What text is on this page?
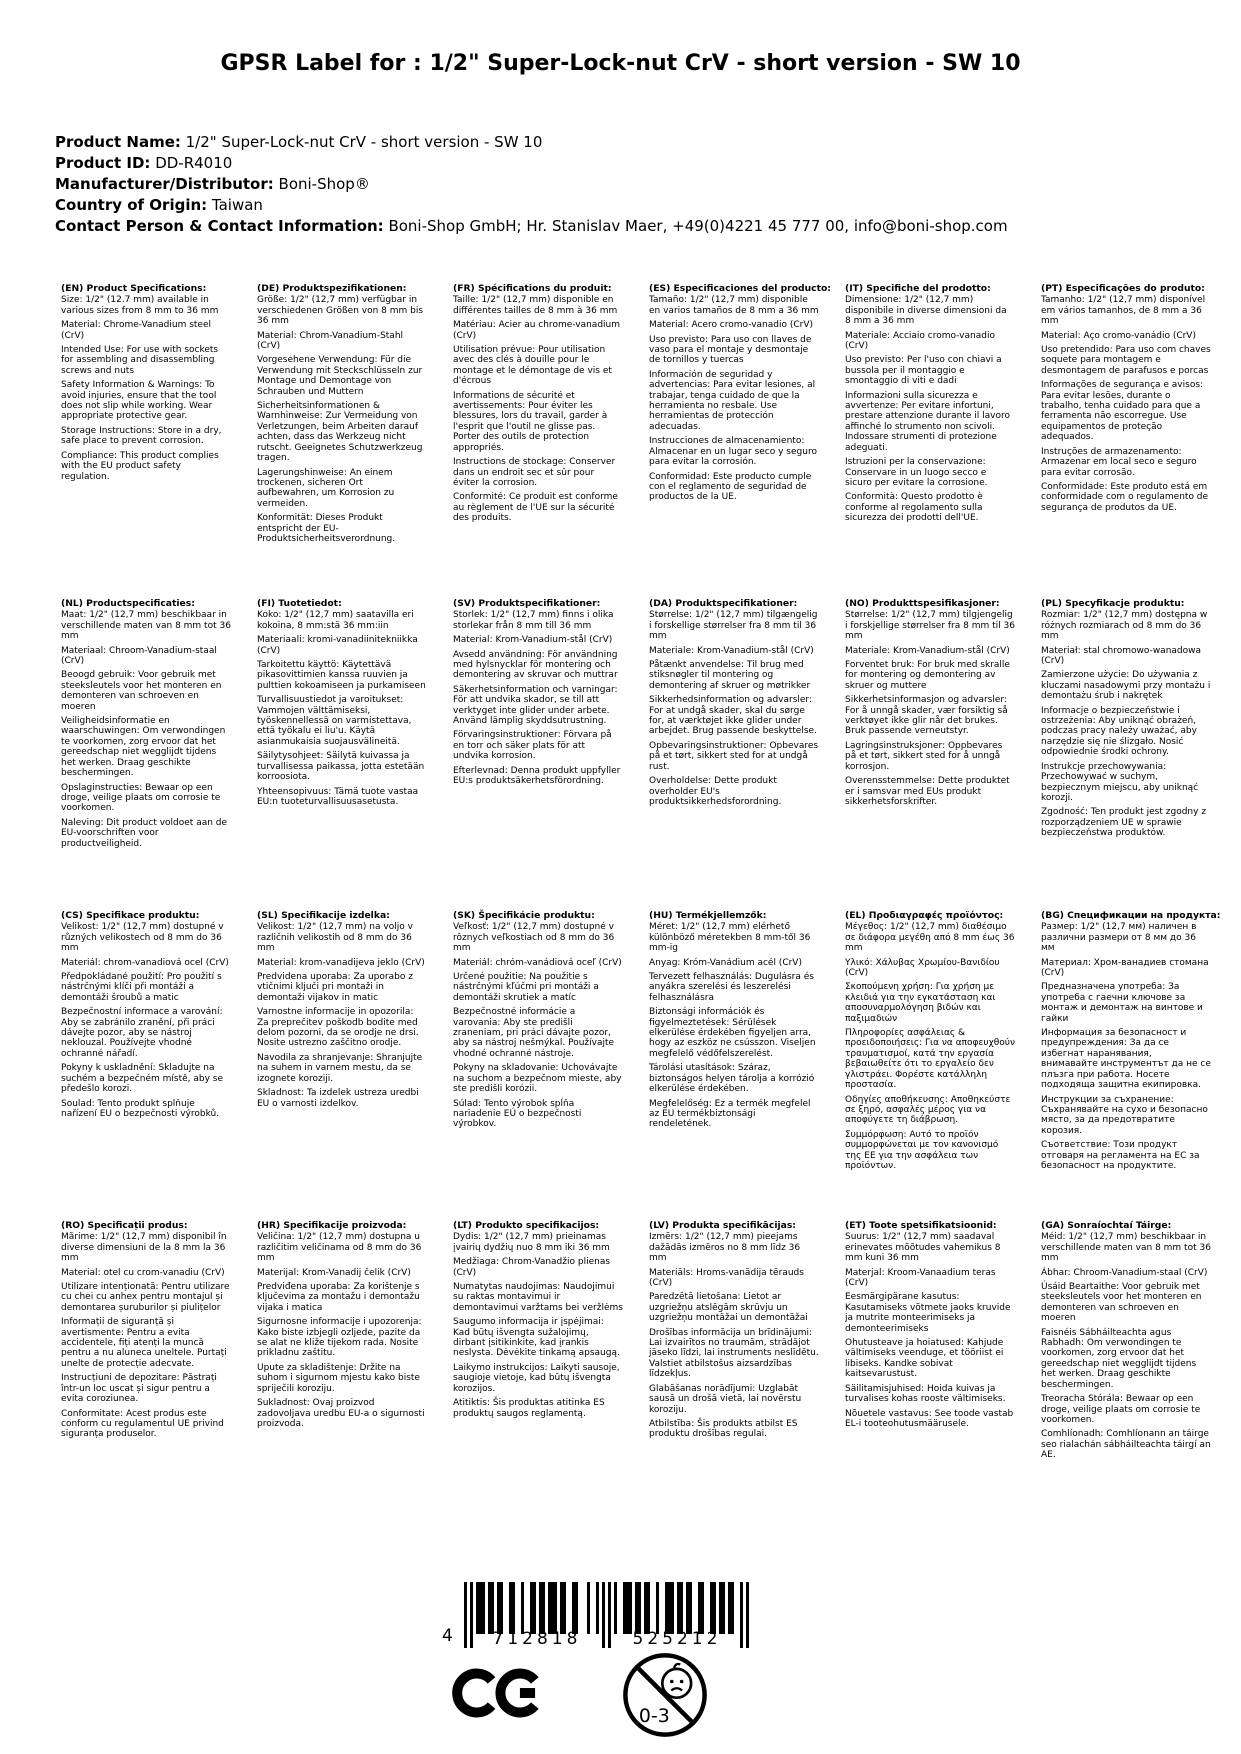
GPSR Label for : 1/2" Super-Lock-nut CrV - short version - SW 10
Product Name: 1/2" Super-Lock-nut CrV - short version - SW 10
Product ID: DD-R4010
Manufacturer/Distributor: Boni-Shop®
Country of Origin: Taiwan
Contact Person & Contact Information: Boni-Shop GmbH; Hr. Stanislav Maer, +49(0)4221 45 777 00, info@boni-shop.com
(EN) Product Specifications:

Size: 1/2" (12.7 mm) available in various sizes from 8 mm to 36 mm

Material: Chrome-Vanadium steel (CrV)

Intended Use: For use with sockets for assembling and disassembling screws and nuts

Safety Information & Warnings: To avoid injuries, ensure that the tool does not slip while working. Wear appropriate protective gear.

Storage Instructions: Store in a dry, safe place to prevent corrosion.

Compliance: This product complies with the EU product safety regulation.

(DE) Produktspezifikationen:

Größe: 1/2" (12,7 mm) verfügbar in verschiedenen Größen von 8 mm bis 36 mm

Material: Chrom-Vanadium-Stahl (CrV)

Vorgesehene Verwendung: Für die Verwendung mit Steckschlüsseln zur Montage und Demontage von Schrauben und Muttern

Sicherheitsinformationen & Warnhinweise: Zur Vermeidung von Verletzungen, beim Arbeiten darauf achten, dass das Werkzeug nicht rutscht. Geeignetes Schutzwerkzeug tragen.

Lagerungshinweise: An einem trockenen, sicheren Ort aufbewahren, um Korrosion zu vermeiden.

Konformität: Dieses Produkt entspricht der EU-Produktsicherheitsverordnung.

(FR) Spécifications du produit:

Taille: 1/2" (12,7 mm) disponible en différentes tailles de 8 mm à 36 mm

Matériau: Acier au chrome-vanadium (CrV)

Utilisation prévue: Pour utilisation avec des clés à douille pour le montage et le démontage de vis et d'écrous

Informations de sécurité et avertissements: Pour éviter les blessures, lors du travail, garder à l'esprit que l'outil ne glisse pas. Porter des outils de protection appropriés.

Instructions de stockage: Conserver dans un endroit sec et sûr pour éviter la corrosion.

Conformité: Ce produit est conforme au règlement de l'UE sur la sécurité des produits.

(ES) Especificaciones del producto:

Tamaño: 1/2" (12,7 mm) disponible en varios tamaños de 8 mm a 36 mm

Material: Acero cromo-vanadio (CrV)

Uso previsto: Para uso con llaves de vaso para el montaje y desmontaje de tornillos y tuercas

Información de seguridad y advertencias: Para evitar lesiones, al trabajar, tenga cuidado de que la herramienta no resbale. Use herramientas de protección adecuadas.

Instrucciones de almacenamiento: Almacenar en un lugar seco y seguro para evitar la corrosión.

Conformidad: Este producto cumple con el reglamento de seguridad de productos de la UE.

(IT) Specifiche del prodotto:

Dimensione: 1/2" (12,7 mm) disponibile in diverse dimensioni da 8 mm a 36 mm

Materiale: Acciaio cromo-vanadio (CrV)

Uso previsto: Per l'uso con chiavi a bussola per il montaggio e smontaggio di viti e dadi

Informazioni sulla sicurezza e avvertenze: Per evitare infortuni, prestare attenzione durante il lavoro affinché lo strumento non scivoli. Indossare strumenti di protezione adeguati.

Istruzioni per la conservazione: Conservare in un luogo secco e sicuro per evitare la corrosione.

Conformità: Questo prodotto è conforme al regolamento sulla sicurezza dei prodotti dell'UE.

(PT) Especificações do produto:

Tamanho: 1/2" (12,7 mm) disponível em vários tamanhos, de 8 mm a 36 mm

Material: Aço cromo-vanádio (CrV)

Uso pretendido: Para uso com chaves soquete para montagem e desmontagem de parafusos e porcas

Informações de segurança e avisos: Para evitar lesões, durante o trabalho, tenha cuidado para que a ferramenta não escorregue. Use equipamentos de proteção adequados.

Instruções de armazenamento: Armazenar em local seco e seguro para evitar corrosão.

Conformidade: Este produto está em conformidade com o regulamento de segurança de produtos da UE.

(NL) Productspecificaties:

Maat: 1/2" (12,7 mm) beschikbaar in verschillende maten van 8 mm tot 36 mm

Materiaal: Chroom-Vanadium-staal (CrV)

Beoogd gebruik: Voor gebruik met steeksleutels voor het monteren en demonteren van schroeven en moeren

Veiligheidsinformatie en waarschuwingen: Om verwondingen te voorkomen, zorg ervoor dat het gereedschap niet wegglijdt tijdens het werken. Draag geschikte beschermingen.

Opslaginstructies: Bewaar op een droge, veilige plaats om corrosie te voorkomen.

Naleving: Dit product voldoet aan de EU-voorschriften voor productveiligheid.

(FI) Tuotetiedot:

Koko: 1/2" (12,7 mm) saatavilla eri kokoina, 8 mm:stä 36 mm:iin

Materiaali: kromi-vanadiinitekniikka (CrV)

Tarkoitettu käyttö: Käytettävä pikasovittimien kanssa ruuvien ja pulttien kokoamiseen ja purkamiseen

Turvallisuustiedot ja varoitukset: Vammojen välttämiseksi, työskennellessä on varmistettava, että työkalu ei liu'u. Käytä asianmukaisia suojausvälineitä.

Säilytysohjeet: Säilytä kuivassa ja turvallisessa paikassa, jotta estetään korroosiota.

Yhteensopivuus: Tämä tuote vastaa EU:n tuoteturvallisuusasetusta.

(SV) Produktspecifikationer:

Storlek: 1/2" (12,7 mm) finns i olika storlekar från 8 mm till 36 mm

Material: Krom-Vanadium-stål (CrV)

Avsedd användning: För användning med hylsnycklar för montering och demontering av skruvar och muttrar

Säkerhetsinformation och varningar: För att undvika skador, se till att verktyget inte glider under arbete. Använd lämplig skyddsutrustning.

Förvaringsinstruktioner: Förvara på en torr och säker plats för att undvika korrosion.

Efterlevnad: Denna produkt uppfyller EU:s produktsäkerhetsförordning.

(DA) Produktspecifikationer:

Størrelse: 1/2" (12,7 mm) tilgængelig i forskellige størrelser fra 8 mm til 36 mm

Materiale: Krom-Vanadium-stål (CrV)

Påtænkt anvendelse: Til brug med stiksnøgler til montering og demontering af skruer og møtrikker

Sikkerhedsinformation og advarsler: For at undgå skader, skal du sørge for, at værktøjet ikke glider under arbejdet. Brug passende beskyttelse.

Opbevaringsinstruktioner: Opbevares på et tørt, sikkert sted for at undgå rust.

Overholdelse: Dette produkt overholder EU's produktsikkerhedsforordning.

(NO) Produkttspesifikasjoner:

Størrelse: 1/2" (12,7 mm) tilgjengelig i forskjellige størrelser fra 8 mm til 36 mm

Materiale: Krom-Vanadium-stål (CrV)

Forventet bruk: For bruk med skralle for montering og demontering av skruer og muttere

Sikkerhetsinformasjon og advarsler: For å unngå skader, vær forsiktig så verktøyet ikke glir når det brukes. Bruk passende verneutstyr.

Lagringsinstruksjoner: Oppbevares på et tørt, sikkert sted for å unngå korrosjon.

Overensstemmelse: Dette produktet er i samsvar med EUs produkt sikkerhetsforskrifter.

(PL) Specyfikacje produktu:

Rozmiar: 1/2" (12,7 mm) dostępna w różnych rozmiarach od 8 mm do 36 mm

Materiał: stal chromowo-wanadowa (CrV)

Zamierzone użycie: Do używania z kluczami nasadowymi przy montażu i demontażu śrub i nakrętek

Informacje o bezpieczeństwie i ostrzeżenia: Aby uniknąć obrażeń, podczas pracy należy uważać, aby narzędzie się nie ślizgało. Nosić odpowiednie środki ochrony.

Instrukcje przechowywania: Przechowywać w suchym, bezpiecznym miejscu, aby uniknąć korozji.

Zgodność: Ten produkt jest zgodny z rozporządzeniem UE w sprawie bezpieczeństwa produktów.

(CS) Specifikace produktu:

Velikost: 1/2" (12,7 mm) dostupné v různých velikostech od 8 mm do 36 mm

Materiál: chrom-vanadiová ocel (CrV)

Předpokládané použití: Pro použití s nástrčnými klíči při montáži a demontáži šroubů a matic

Bezpečnostní informace a varování: Aby se zabránilo zranění, při práci dávejte pozor, aby se nástroj neklouzal. Používejte vhodné ochranné nářadí.

Pokyny k uskladnění: Skladujte na suchém a bezpečném místě, aby se předešlo korozi.

Soulad: Tento produkt splňuje nařízení EU o bezpečnosti výrobků.

(SL) Specifikacije izdelka:

Velikost: 1/2" (12,7 mm) na voljo v različnih velikostih od 8 mm do 36 mm

Material: krom-vanadijeva jeklo (CrV)

Predvidena uporaba: Za uporabo z vtičnimi ključi pri montaži in demontaži vijakov in matic

Varnostne informacije in opozorila: Za preprečitev poškodb bodite med delom pozorni, da se orodje ne drsi. Nosite ustrezno zaščitno orodje.

Navodila za shranjevanje: Shranjujte na suhem in varnem mestu, da se izognete koroziji.

Skladnost: Ta izdelek ustreza uredbi EU o varnosti izdelkov.

(SK) Špecifikácie produktu:

Veľkosť: 1/2" (12,7 mm) dostupné v rôznych veľkostiach od 8 mm do 36 mm

Materiál: chróm-vanádiová oceľ (CrV)

Určené použitie: Na použitie s nástrčnými kľúčmi pri montáži a demontáži skrutiek a matíc

Bezpečnostné informácie a varovania: Aby ste predišli zraneniam, pri práci dávajte pozor, aby sa nástroj nešmýkal. Používajte vhodné ochranné nástroje.

Pokyny na skladovanie: Uchovávajte na suchom a bezpečnom mieste, aby ste predišli korózii.

Súlad: Tento výrobok spĺňa nariadenie EÚ o bezpečnosti výrobkov.

(HU) Termékjellemzők:

Méret: 1/2" (12,7 mm) elérhető különböző méretekben 8 mm-től 36 mm-ig

Anyag: Króm-Vanádium acél (CrV)

Tervezett felhasználás: Dugulásra és anyákra szerelési és leszerelési felhasználásra

Biztonsági információk és figyelmeztetések: Sérülések elkerülése érdekében figyeljen arra, hogy az eszköz ne csússzon. Viseljen megfelelő védőfelszerelést.

Tárolási utasítások: Száraz, biztonságos helyen tárolja a korrózió elkerülése érdekében.

Megfelelőség: Ez a termék megfelel az EU termékbiztonsági rendeletének.

(EL) Προδιαγραφές προϊόντος:

Μέγεθος: 1/2" (12,7 mm) διαθέσιμο σε διάφορα μεγέθη από 8 mm έως 36 mm

Υλικό: Χάλυβας Χρωμίου-Βανιδίου (CrV)

Σκοπούμενη χρήση: Για χρήση με κλειδιά για την εγκατάσταση και αποσυναρμολόγηση βιδών και παξιμαδιών

Πληροφορίες ασφάλειας & προειδοποιήσεις: Για να αποφευχθούν τραυματισμοί, κατά την εργασία βεβαιωθείτε ότι το εργαλείο δεν γλιστράει. Φορέστε κατάλληλη προστασία.

Οδηγίες αποθήκευσης: Αποθηκεύστε σε ξηρό, ασφαλές μέρος για να αποφύγετε τη διάβρωση.

Συμμόρφωση: Αυτό το προϊόν συμμορφώνεται με τον κανονισμό της ΕΕ για την ασφάλεια των προϊόντων.

(BG) Спецификации на продукта:

Размер: 1/2" (12,7 мм) наличен в различни размери от 8 мм до 36 мм

Материал: Хром-ванадиев стомана (CrV)

Предназначена употреба: За употреба с гаечни ключове за монтаж и демонтаж на винтове и гайки

Информация за безопасност и предупреждения: За да се избегнат наранявания, внимавайте инструментът да не се плъзга при работа. Носете подходяща защитна екипировка.

Инструкции за съхранение: Съхранявайте на сухо и безопасно място, за да предотвратите корозия.

Съответствие: Този продукт отговаря на регламента на ЕС за безопасност на продуктите.

(RO) Specificații produs:

Mărime: 1/2" (12,7 mm) disponibil în diverse dimensiuni de la 8 mm la 36 mm

Material: otel cu crom-vanadiu (CrV)

Utilizare intenționată: Pentru utilizare cu chei cu anhex pentru montajul și demontarea șuruburilor și piulițelor

Informații de siguranță și avertismente: Pentru a evita accidentele, fiți atenți la muncă pentru a nu aluneca uneltele. Purtați unelte de protecție adecvate.

Instrucțiuni de depozitare: Păstrați într-un loc uscat și sigur pentru a evita coroziunea.

Conformitate: Acest produs este conform cu regulamentul UE privind siguranța produselor.

(HR) Specifikacije proizvoda:

Veličina: 1/2" (12,7 mm) dostupna u različitim veličinama od 8 mm do 36 mm

Materijal: Krom-Vanadij čelik (CrV)

Predviđena uporaba: Za korištenje s ključevima za montažu i demontažu vijaka i matica

Sigurnosne informacije i upozorenja: Kako biste izbjegli ozljede, pazite da se alat ne kliže tijekom rada. Nosite prikladnu zaštitu.

Upute za skladištenje: Držite na suhom i sigurnom mjestu kako biste spriječili koroziju.

Sukladnost: Ovaj proizvod zadovoljava uredbu EU-a o sigurnosti proizvoda.

(LT) Produkto specifikacijos:

Dydis: 1/2" (12,7 mm) prieinamas įvairių dydžių nuo 8 mm iki 36 mm

Medžiaga: Chrom-Vanadžio plienas (CrV)

Numatytas naudojimas: Naudojimui su raktas montavimui ir demontavimui varžtams bei veržlėms

Saugumo informacija ir įspėjimai: Kad būtų išvengta sužalojimų, dirbant įsitikinkite, kad įrankis neslysta. Dėvėkite tinkamą apsaugą.

Laikymo instrukcijos: Laikyti sausoje, saugioje vietoje, kad būtų išvengta korozijos.

Atitiktis: Šis produktas atitinka ES produktų saugos reglamentą.

(LV) Produkta specifikācijas:

Izmērs: 1/2" (12,7 mm) pieejams dažādās izmēros no 8 mm līdz 36 mm

Materiāls: Hroms-vanādija tērauds (CrV)

Paredzētā lietošana: Lietot ar uzgriežņu atslēgām skrūvju un uzgriežņu montāžai un demontāžai

Drošības informācija un brīdinājumi: Lai izvairītos no traumām, strādājot jāseko līdzi, lai instruments neslīdētu. Valstiet atbilstošus aizsardzības līdzekļus.

Glabāšanas norādījumi: Uzglabāt sausā un drošā vietā, lai novērstu koroziju.

Atbilstība: Šis produkts atbilst ES produktu drošības regulai.

(ET) Toote spetsifikatsioonid:

Suurus: 1/2" (12,7 mm) saadaval erinevates mõõtudes vahemikus 8 mm kuni 36 mm

Materjal: Kroom-Vanaadium teras (CrV)

Eesmärgipärane kasutus: Kasutamiseks võtmete jaoks kruvide ja mutrite monteerimiseks ja demonteerimiseks

Ohutusteave ja hoiatused: Kahjude vältimiseks veenduge, et tööriist ei libiseks. Kandke sobivat kaitsevarustust.

Säilitamisjuhised: Hoida kuivas ja turvalises kohas rooste vältimiseks.

Nõuetele vastavus: See toode vastab EL-i tooteohutusmäärusele.

(GA) Sonraíochtaí Táirge:

Méid: 1/2" (12,7 mm) beschikbaar in verschillende maten van 8 mm tot 36 mm

Ábhar: Chroom-Vanadium-staal (CrV)

Úsáid Beartaithe: Voor gebruik met steeksleutels voor het monteren en demonteren van schroeven en moeren

Faisnéis Sábháilteachta agus Rabhadh: Om verwondingen te voorkomen, zorg ervoor dat het gereedschap niet wegglijdt tijdens het werken. Draag geschikte beschermingen.

Treoracha Stórála: Bewaar op een droge, veilige plaats om corrosie te voorkomen.

Comhlíonadh: Comhlíonann an táirge seo rialachán sábháilteachta táirgí an AE.

4	712818	525212
0-3
